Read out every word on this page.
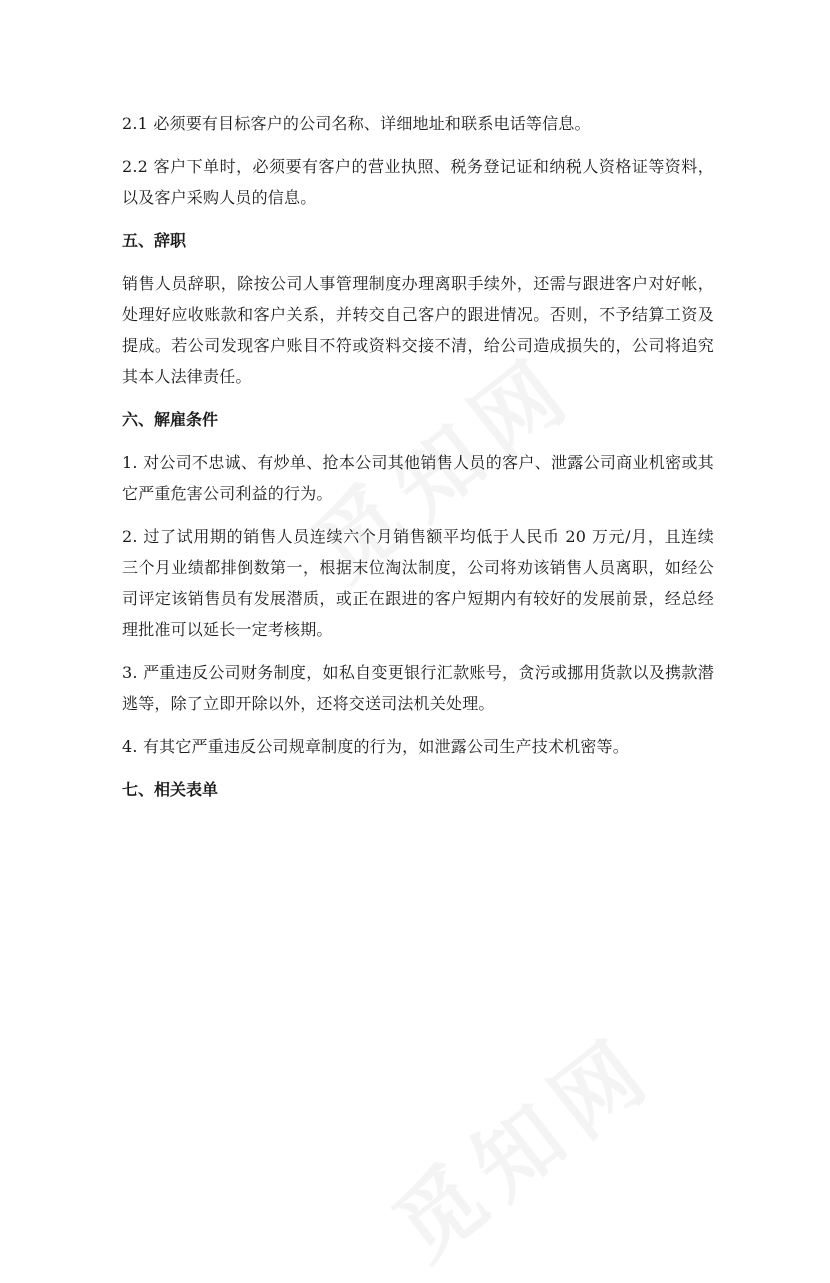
2.1 必须要有目标客户的公司名称、详细地址和联系电话等信息。

2.2 客户下单时，必须要有客户的营业执照、税务登记证和纳税人资格证等资料，以及客户采购人员的信息。

五、辞职

销售人员辞职，除按公司人事管理制度办理离职手续外，还需与跟进客户对好帐，处理好应收账款和客户关系，并转交自己客户的跟进情况。否则，不予结算工资及提成。若公司发现客户账目不符或资料交接不清，给公司造成损失的，公司将追究其本人法律责任。

六、解雇条件

1. 对公司不忠诚、有炒单、抢本公司其他销售人员的客户、泄露公司商业机密或其它严重危害公司利益的行为。

2. 过了试用期的销售人员连续六个月销售额平均低于人民币 20 万元/月，且连续三个月业绩都排倒数第一，根据末位淘汰制度，公司将劝该销售人员离职，如经公司评定该销售员有发展潜质，或正在跟进的客户短期内有较好的发展前景，经总经理批准可以延长一定考核期。

3. 严重违反公司财务制度，如私自变更银行汇款账号，贪污或挪用货款以及携款潜逃等，除了立即开除以外，还将交送司法机关处理。

4. 有其它严重违反公司规章制度的行为，如泄露公司生产技术机密等。

七、相关表单
